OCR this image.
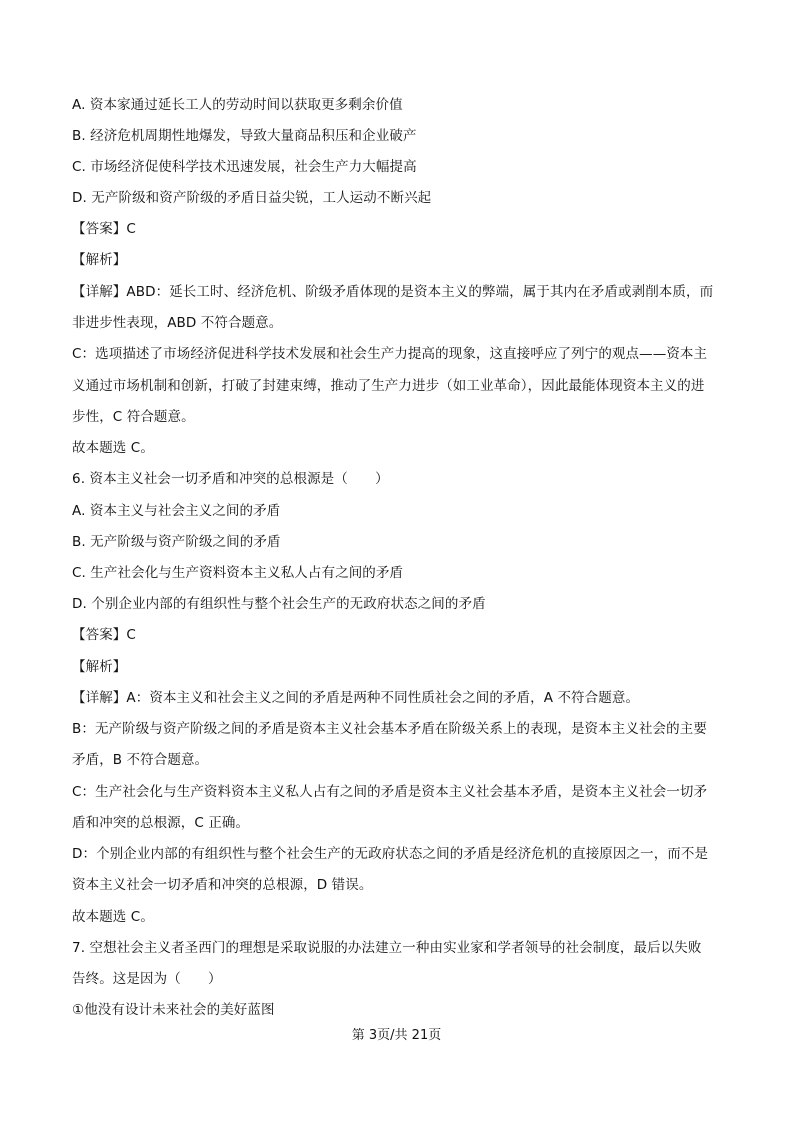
A. 资本家通过延长工人的劳动时间以获取更多剩余价值
B. 经济危机周期性地爆发，导致大量商品积压和企业破产
C. 市场经济促使科学技术迅速发展，社会生产力大幅提高
D. 无产阶级和资产阶级的矛盾日益尖锐，工人运动不断兴起
【答案】C
【解析】
【详解】ABD：延长工时、经济危机、阶级矛盾体现的是资本主义的弊端，属于其内在矛盾或剥削本质，而
非进步性表现，ABD 不符合题意。
C：选项描述了市场经济促进科学技术发展和社会生产力提高的现象，这直接呼应了列宁的观点——资本主
义通过市场机制和创新，打破了封建束缚，推动了生产力进步（如工业革命），因此最能体现资本主义的进
步性，C 符合题意。
故本题选 C。
6. 资本主义社会一切矛盾和冲突的总根源是（　　）
A. 资本主义与社会主义之间的矛盾
B. 无产阶级与资产阶级之间的矛盾
C. 生产社会化与生产资料资本主义私人占有之间的矛盾
D. 个别企业内部的有组织性与整个社会生产的无政府状态之间的矛盾
【答案】C
【解析】
【详解】A：资本主义和社会主义之间的矛盾是两种不同性质社会之间的矛盾，A 不符合题意。
B：无产阶级与资产阶级之间的矛盾是资本主义社会基本矛盾在阶级关系上的表现，是资本主义社会的主要
矛盾，B 不符合题意。
C：生产社会化与生产资料资本主义私人占有之间的矛盾是资本主义社会基本矛盾，是资本主义社会一切矛
盾和冲突的总根源，C 正确。
D：个别企业内部的有组织性与整个社会生产的无政府状态之间的矛盾是经济危机的直接原因之一，而不是
资本主义社会一切矛盾和冲突的总根源，D 错误。
故本题选 C。
7. 空想社会主义者圣西门的理想是采取说服的办法建立一种由实业家和学者领导的社会制度，最后以失败
告终。这是因为（　　）
①他没有设计未来社会的美好蓝图
第 3页/共 21页
